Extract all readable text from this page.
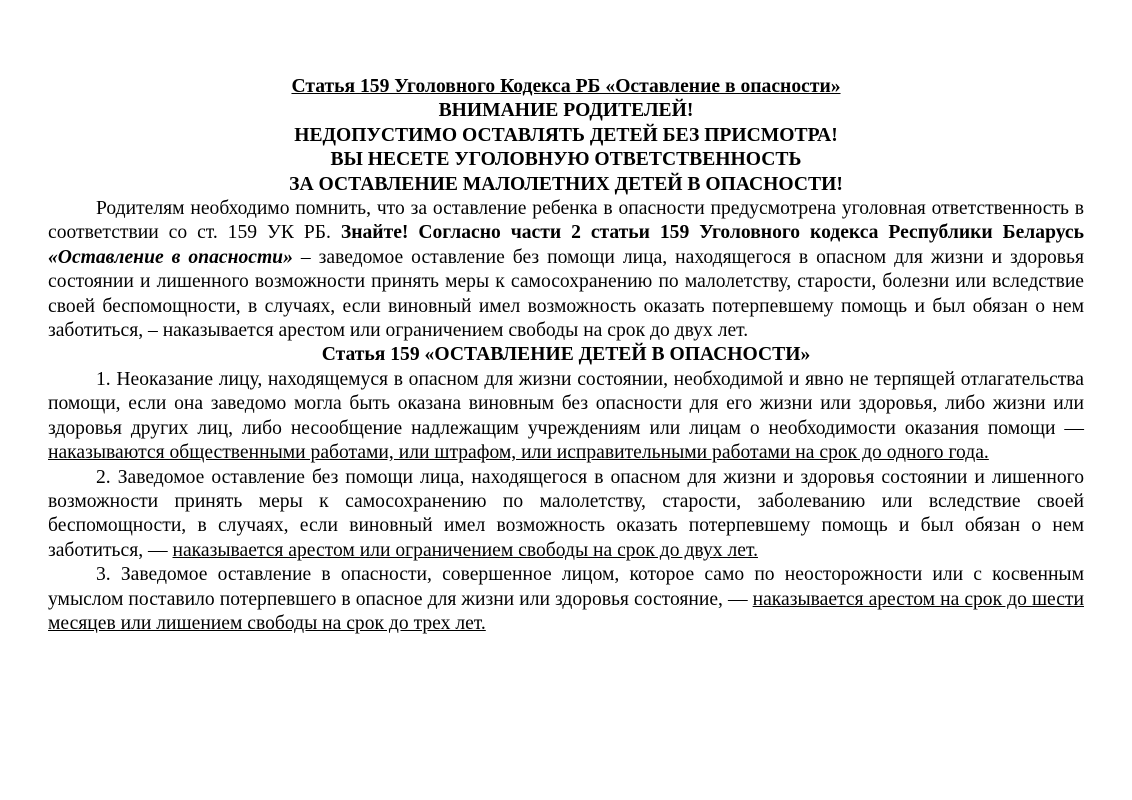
Статья 159 Уголовного Кодекса РБ «Оставление в опасности»
ВНИМАНИЕ РОДИТЕЛЕЙ!
НЕДОПУСТИМО ОСТАВЛЯТЬ ДЕТЕЙ БЕЗ ПРИСМОТРА!
ВЫ НЕСЕТЕ УГОЛОВНУЮ ОТВЕТСТВЕННОСТЬ
ЗА ОСТАВЛЕНИЕ МАЛОЛЕТНИХ ДЕТЕЙ В ОПАСНОСТИ!

Родителям необходимо помнить, что за оставление ребенка в опасности предусмотрена уголовная ответственность в соответствии со ст. 159 УК РБ. Знайте! Согласно части 2 статьи 159 Уголовного кодекса Республики Беларусь «Оставление в опасности» – заведомое оставление без помощи лица, находящегося в опасном для жизни и здоровья состоянии и лишенного возможности принять меры к самосохранению по малолетству, старости, болезни или вследствие своей беспомощности, в случаях, если виновный имел возможность оказать потерпевшему помощь и был обязан о нем заботиться, – наказывается арестом или ограничением свободы на срок до двух лет.

Статья 159 «ОСТАВЛЕНИЕ ДЕТЕЙ В ОПАСНОСТИ»

1. Неоказание лицу, находящемуся в опасном для жизни состоянии, необходимой и явно не терпящей отлагательства помощи, если она заведомо могла быть оказана виновным без опасности для его жизни или здоровья, либо жизни или здоровья других лиц, либо несообщение надлежащим учреждениям или лицам о необходимости оказания помощи — наказываются общественными работами, или штрафом, или исправительными работами на срок до одного года.

2. Заведомое оставление без помощи лица, находящегося в опасном для жизни и здоровья состоянии и лишенного возможности принять меры к самосохранению по малолетству, старости, заболеванию или вследствие своей беспомощности, в случаях, если виновный имел возможность оказать потерпевшему помощь и был обязан о нем заботиться, — наказывается арестом или ограничением свободы на срок до двух лет.

3. Заведомое оставление в опасности, совершенное лицом, которое само по неосторожности или с косвенным умыслом поставило потерпевшего в опасное для жизни или здоровья состояние, — наказывается арестом на срок до шести месяцев или лишением свободы на срок до трех лет.
